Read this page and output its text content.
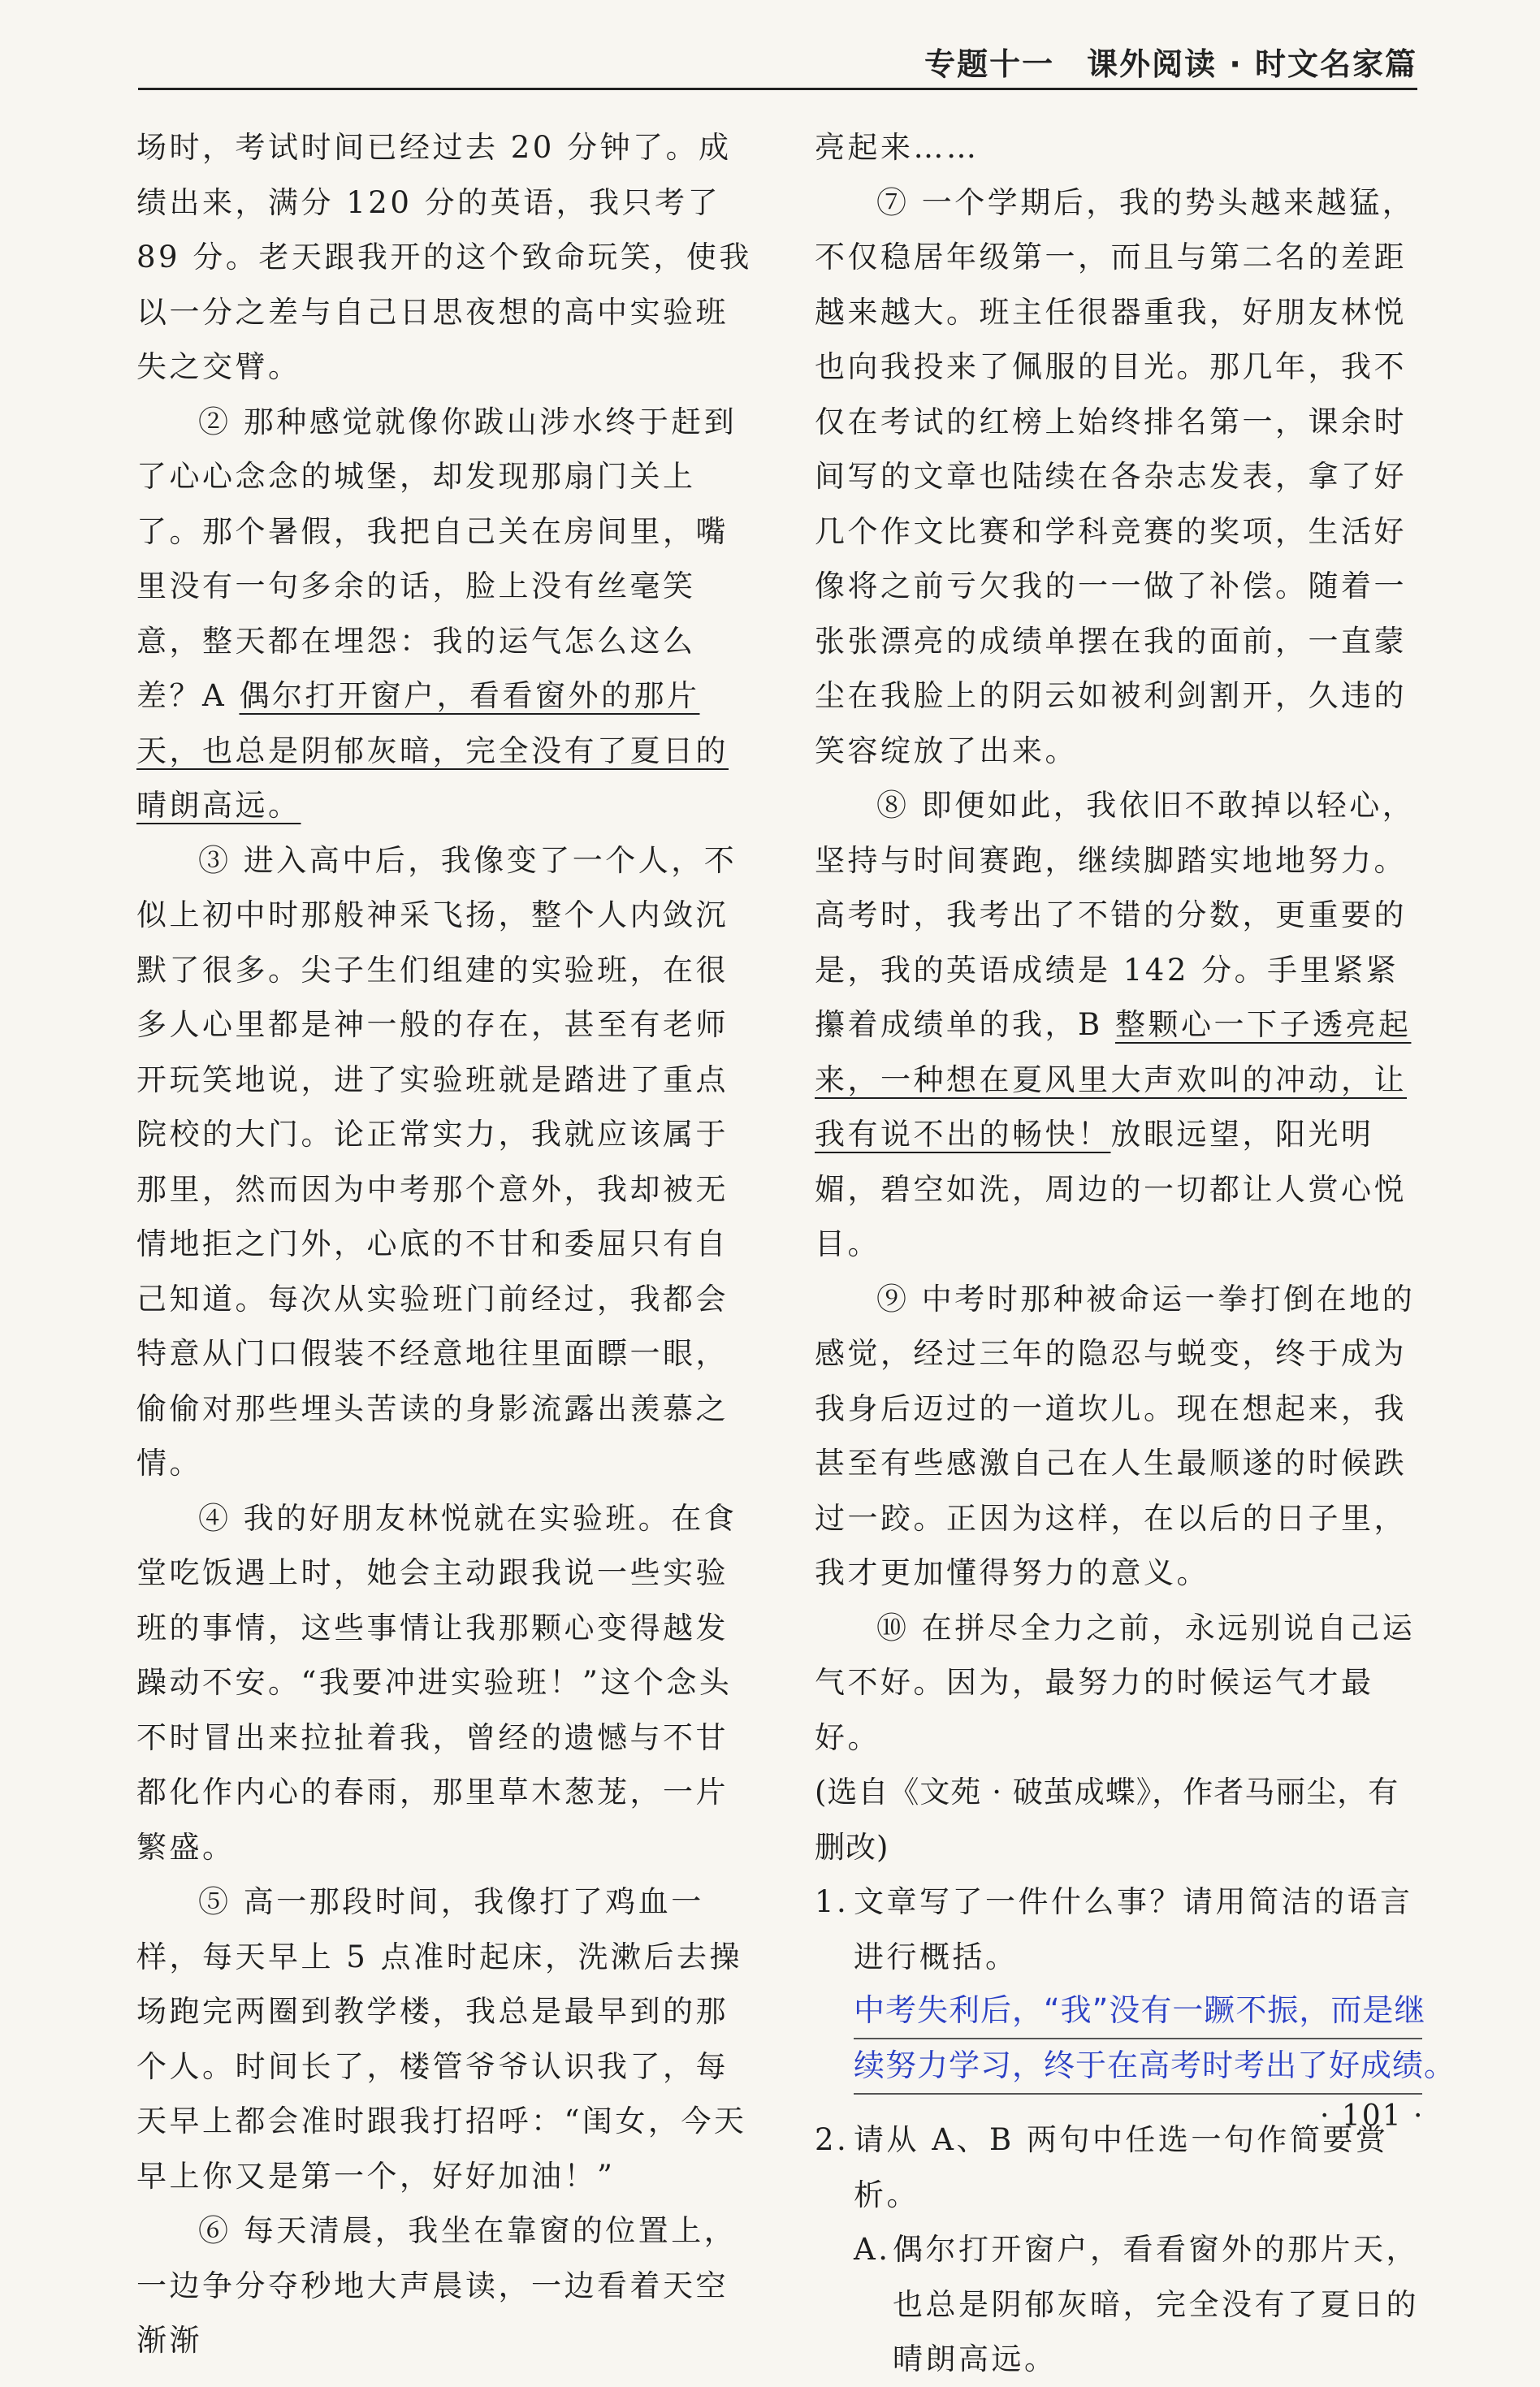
专题十一　课外阅读 · 时文名家篇

场时，考试时间已经过去 20 分钟了。成绩出来，满分 120 分的英语，我只考了 89 分。老天跟我开的这个致命玩笑，使我以一分之差与自己日思夜想的高中实验班失之交臂。

② 那种感觉就像你跋山涉水终于赶到了心心念念的城堡，却发现那扇门关上了。那个暑假，我把自己关在房间里，嘴里没有一句多余的话，脸上没有丝毫笑意，整天都在埋怨：我的运气怎么这么差？A 偶尔打开窗户，看看窗外的那片天，也总是阴郁灰暗，完全没有了夏日的晴朗高远。

③ 进入高中后，我像变了一个人，不似上初中时那般神采飞扬，整个人内敛沉默了很多。尖子生们组建的实验班，在很多人心里都是神一般的存在，甚至有老师开玩笑地说，进了实验班就是踏进了重点院校的大门。论正常实力，我就应该属于那里，然而因为中考那个意外，我却被无情地拒之门外，心底的不甘和委屈只有自己知道。每次从实验班门前经过，我都会特意从门口假装不经意地往里面瞟一眼，偷偷对那些埋头苦读的身影流露出羡慕之情。

④ 我的好朋友林悦就在实验班。在食堂吃饭遇上时，她会主动跟我说一些实验班的事情，这些事情让我那颗心变得越发躁动不安。“我要冲进实验班！”这个念头不时冒出来拉扯着我，曾经的遗憾与不甘都化作内心的春雨，那里草木葱茏，一片繁盛。

⑤ 高一那段时间，我像打了鸡血一样，每天早上 5 点准时起床，洗漱后去操场跑完两圈到教学楼，我总是最早到的那个人。时间长了，楼管爷爷认识我了，每天早上都会准时跟我打招呼：“闺女，今天早上你又是第一个，好好加油！”

⑥ 每天清晨，我坐在靠窗的位置上，一边争分夺秒地大声晨读，一边看着天空渐渐

亮起来……

⑦ 一个学期后，我的势头越来越猛，不仅稳居年级第一，而且与第二名的差距越来越大。班主任很器重我，好朋友林悦也向我投来了佩服的目光。那几年，我不仅在考试的红榜上始终排名第一，课余时间写的文章也陆续在各杂志发表，拿了好几个作文比赛和学科竞赛的奖项，生活好像将之前亏欠我的一一做了补偿。随着一张张漂亮的成绩单摆在我的面前，一直蒙尘在我脸上的阴云如被利剑割开，久违的笑容绽放了出来。

⑧ 即便如此，我依旧不敢掉以轻心，坚持与时间赛跑，继续脚踏实地地努力。高考时，我考出了不错的分数，更重要的是，我的英语成绩是 142 分。手里紧紧攥着成绩单的我，B 整颗心一下子透亮起来，一种想在夏风里大声欢叫的冲动，让我有说不出的畅快！放眼远望，阳光明媚，碧空如洗，周边的一切都让人赏心悦目。

⑨ 中考时那种被命运一拳打倒在地的感觉，经过三年的隐忍与蜕变，终于成为我身后迈过的一道坎儿。现在想起来，我甚至有些感激自己在人生最顺遂的时候跌过一跤。正因为这样，在以后的日子里，我才更加懂得努力的意义。

⑩ 在拼尽全力之前，永远别说自己运气不好。因为，最努力的时候运气才最好。

(选自《文苑 · 破茧成蝶》，作者马丽尘，有删改)

1. 文章写了一件什么事？请用简洁的语言进行概括。
中考失利后，“我”没有一蹶不振，而是继
续努力学习，终于在高考时考出了好成绩。
2. 请从 A、B 两句中任选一句作简要赏析。
A. 偶尔打开窗户，看看窗外的那片天，也总是阴郁灰暗，完全没有了夏日的晴朗高远。
· 101 ·
